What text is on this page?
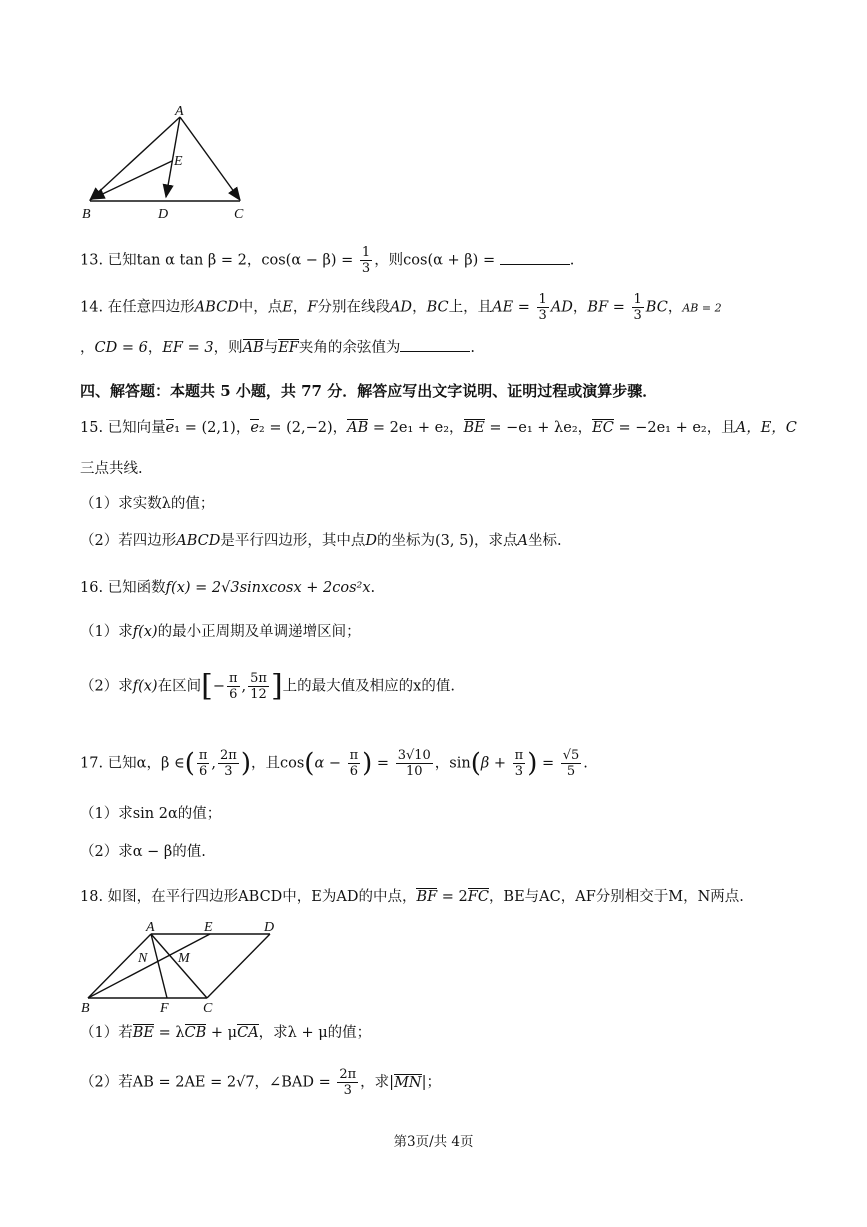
A
E
B	D	C
13. 已知tan α tan β = 2，$\cos(\alpha - \beta) = \frac{1}{3}$ ，则cos(α + β) =	.
14. 在任意四边形ABCD中，点E，F分别在线段AD，BC上，且AE = $\frac{1}{3}$ AD，BF = $\frac{1}{3}$ BC，AB = 2
，CD = 6，EF = 3，则AB与EF夹角的余弦值为	.
四、解答题：本题共 5 小题，共 77 分．解答应写出文字说明、证明过程或演算步骤．
15. 已知向量e₁ = (2,1)，e₂ = (2,−2)，AB = 2e₁ + e₂，BE = −e₁ + λe₂，EC = −2e₁ + e₂，且A，E，C
三点共线.
（1）求实数λ的值；
（2）若四边形ABCD是平行四边形，其中点D的坐标为(3, 5)，求点A坐标.
16. 已知函数f(x) = 2√3sinxcosx + 2cos²x.
（1）求f(x)的最小正周期及单调递增区间；
（2）求f(x)在区间[− $\frac{\pi}{6}$ , $\frac{5\pi}{12}$ ]上的最大值及相应的x的值.
17. 已知α，β ∈( $\frac{\pi}{6}$ , $\frac{2\pi}{3}$ )，且$\cos(\alpha - \frac{\pi}{6}$ ) = $\frac{3√10}{10}$ ，$\sin(\beta + \frac{\pi}{3}$ ) = $\frac{√5}{5}$ .
（1）求sin 2α的值；
（2）求α − β的值.
18. 如图，在平行四边形ABCD中，E为AD的中点，BF = 2FC，BE与AC，AF分别相交于M，N两点.
A	E	D
N M
B	F C
（1）若BE = λCB + μCA，求λ + μ的值；
（2）若AB = 2AE = 2√7，∠BAD = $\frac{2\pi}{3}$ ，求|MN|；
第3页/共 4页
